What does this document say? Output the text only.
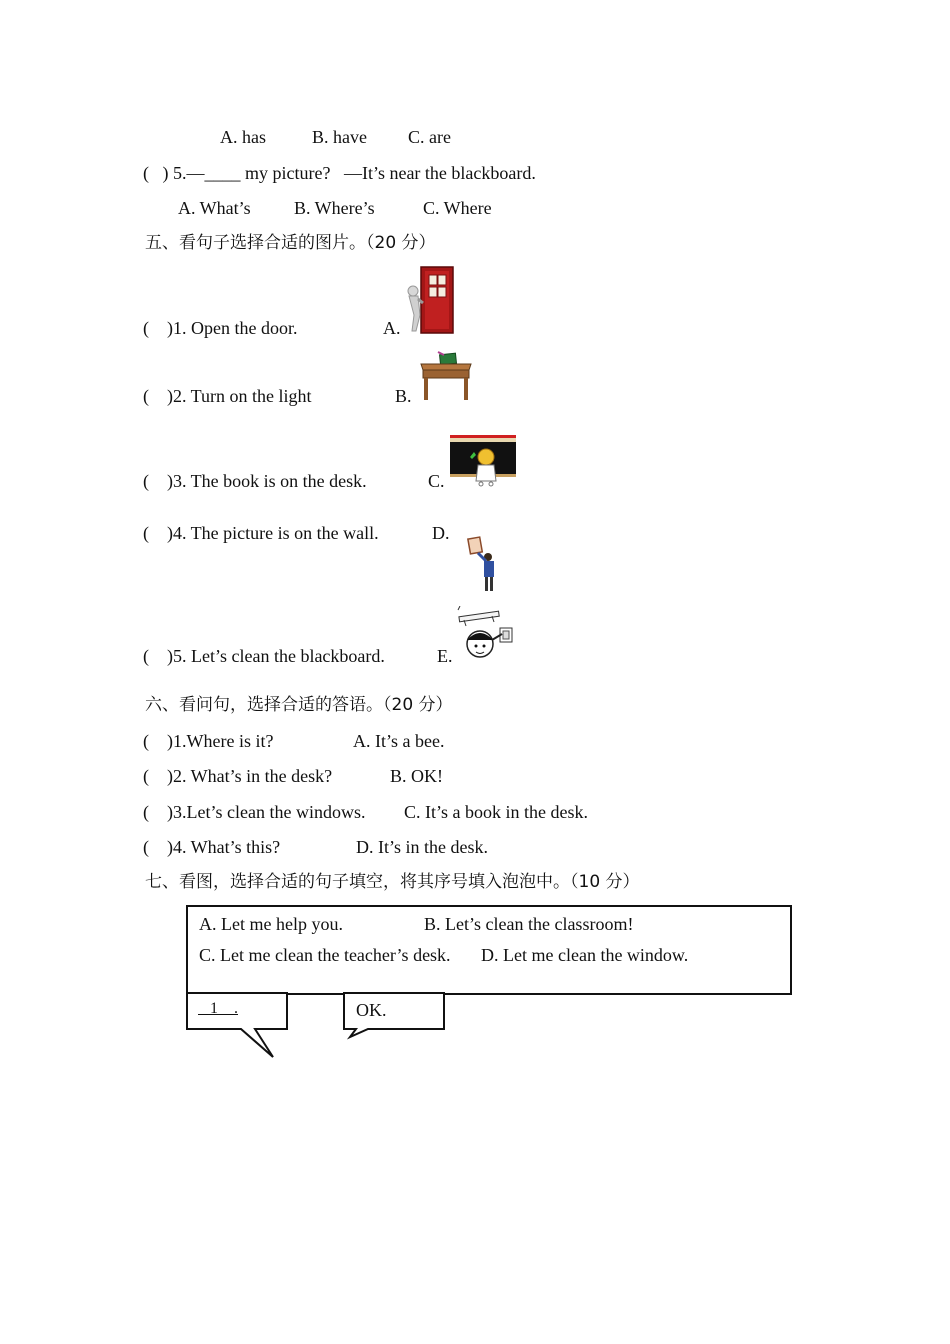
A. has	B. have C. are
(   ) 5.—____ my picture?   —It’s near the blackboard.
A. What’s B. Where’s	C. Where
五、看句子选择合适的图片。（20 分）
(    )1. Open the door.	A.
(    )2. Turn on the light	B.
(    )3. The book is on the desk.	C.
(    )4. The picture is on the wall.	D.
(    )5. Let’s clean the blackboard.	E.
六、看问句，选择合适的答语。（20 分）
(    )1.Where is it?	A. It’s a bee.
(    )2. What’s in the desk?	B. OK!
(    )3.Let’s clean the windows. C. It’s a book in the desk.
(    )4. What’s this?	D. It’s in the desk.
七、看图，选择合适的句子填空，将其序号填入泡泡中。（10 分）
A. Let me help you.	B. Let’s clean the classroom!
C. Let me clean the teacher’s desk. D. Let me clean the window.
1    .	OK.
